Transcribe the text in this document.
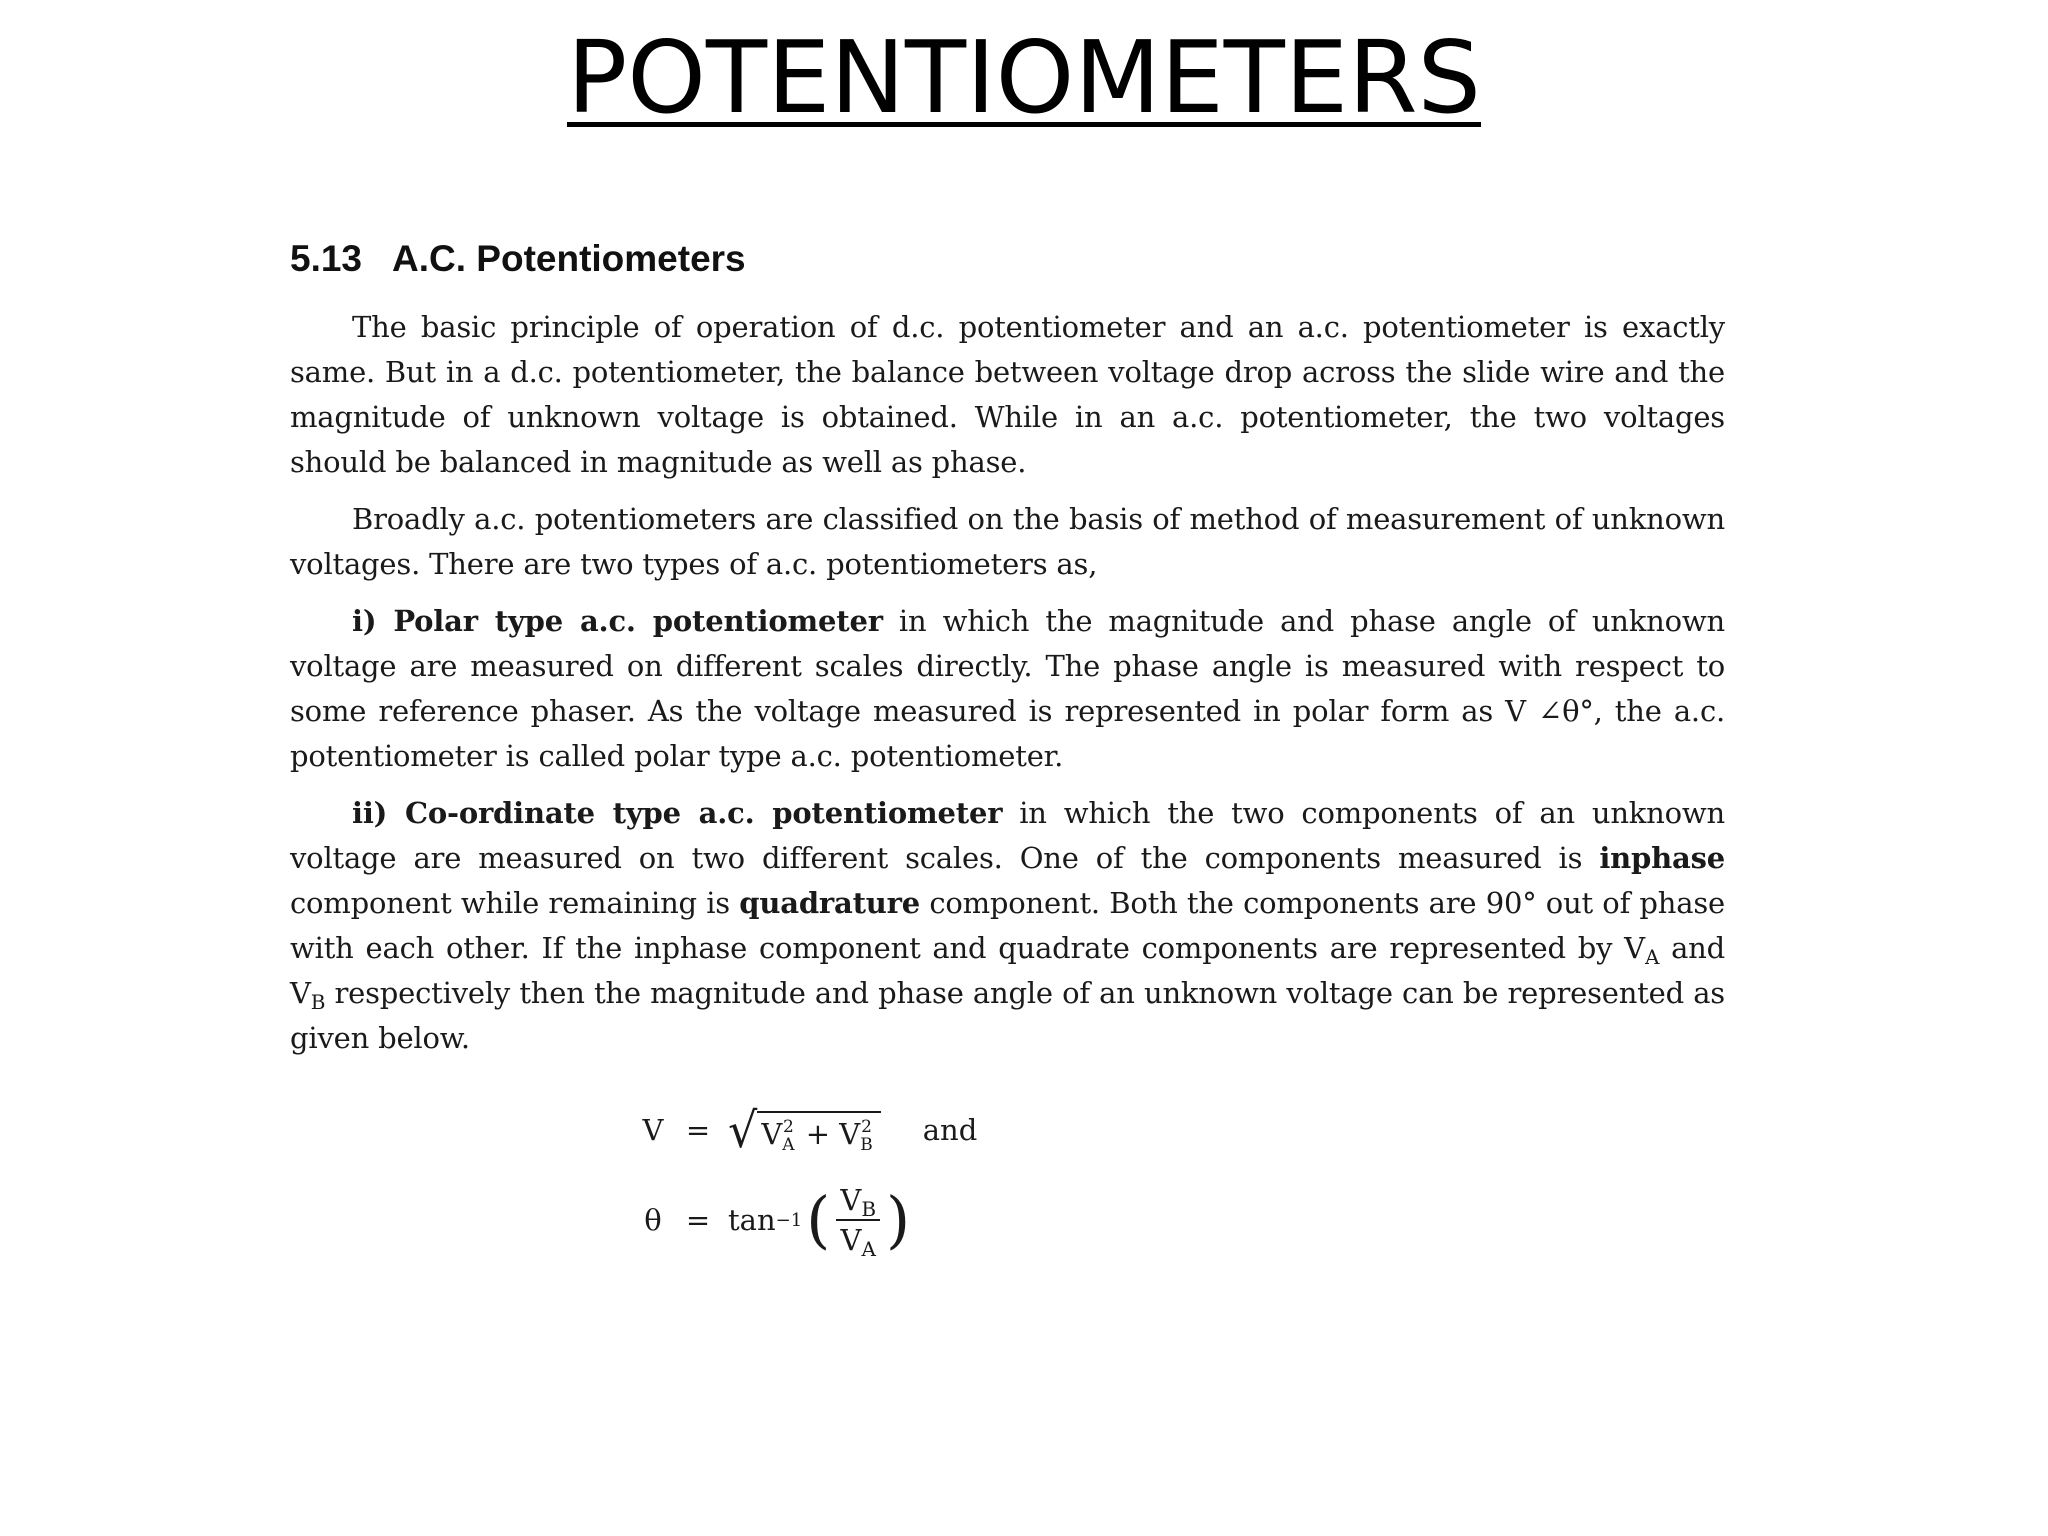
POTENTIOMETERS
5.13 A.C. Potentiometers

The basic principle of operation of d.c. potentiometer and an a.c. potentiometer is exactly same. But in a d.c. potentiometer, the balance between voltage drop across the slide wire and the magnitude of unknown voltage is obtained. While in an a.c. potentiometer, the two voltages should be balanced in magnitude as well as phase.

Broadly a.c. potentiometers are classified on the basis of method of measurement of unknown voltages. There are two types of a.c. potentiometers as,

i) Polar type a.c. potentiometer in which the magnitude and phase angle of unknown voltage are measured on different scales directly. The phase angle is measured with respect to some reference phaser. As the voltage measured is represented in polar form as V ∠θ°, the a.c. potentiometer is called polar type a.c. potentiometer.

ii) Co-ordinate type a.c. potentiometer in which the two components of an unknown voltage are measured on two different scales. One of the components measured is inphase component while remaining is quadrature component. Both the components are 90° out of phase with each other. If the inphase component and quadrate components are represented by $V_A$ and $V_B$ respectively then the magnitude and phase angle of an unknown voltage can be represented as given below.

V = √ V 2
A + V 2
B and
θ = tan −1 ( $\frac{V_B}{V_A}$ )
